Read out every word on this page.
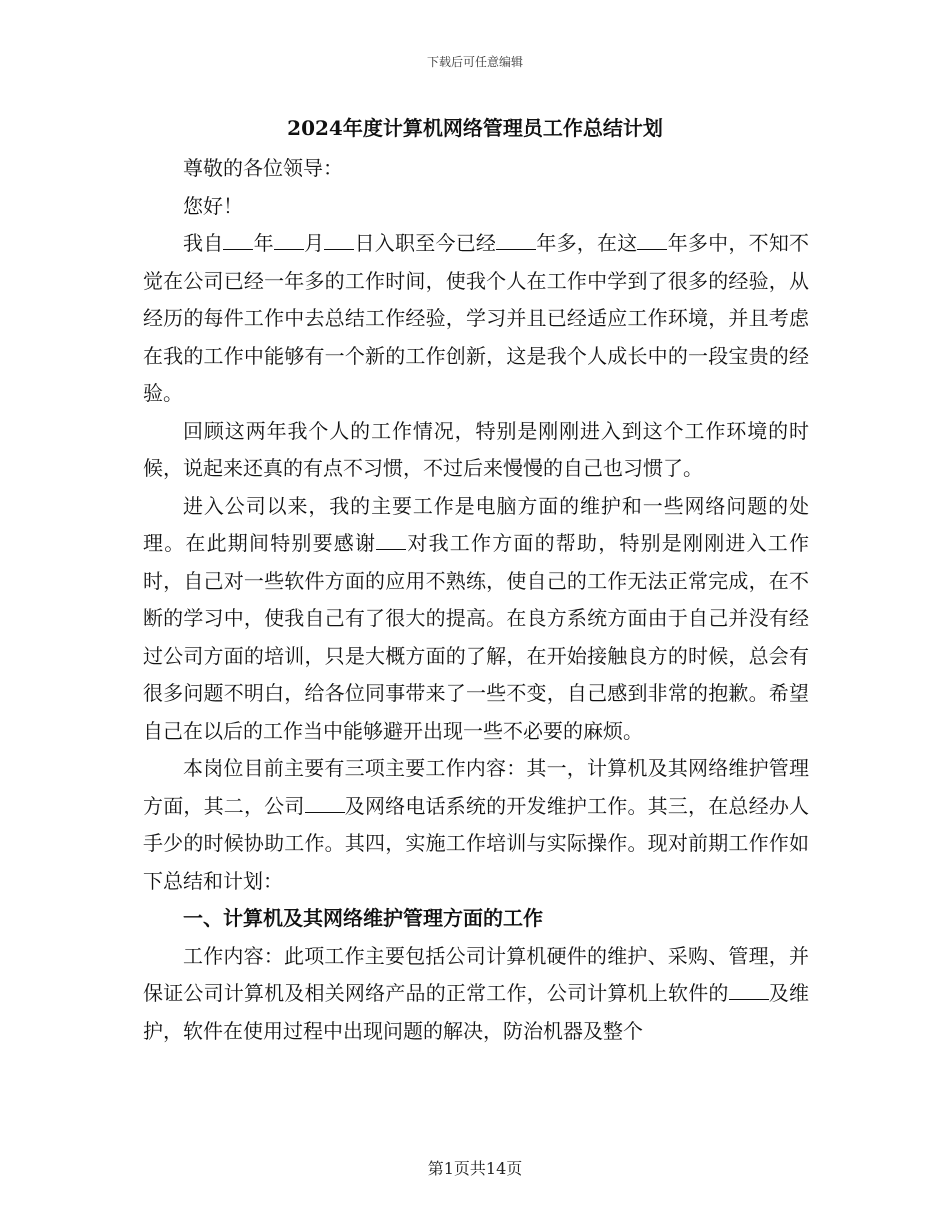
下载后可任意编辑
2024年度计算机网络管理员工作总结计划

尊敬的各位领导：

您好！

我自 年 月 日入职至今已经 年多，在这 年多中，不知不觉在公司已经一年多的工作时间，使我个人在工作中学到了很多的经验，从经历的每件工作中去总结工作经验，学习并且已经适应工作环境，并且考虑在我的工作中能够有一个新的工作创新，这是我个人成长中的一段宝贵的经验。

回顾这两年我个人的工作情况，特别是刚刚进入到这个工作环境的时候，说起来还真的有点不习惯，不过后来慢慢的自己也习惯了。

进入公司以来，我的主要工作是电脑方面的维护和一些网络问题的处理。在此期间特别要感谢 对我工作方面的帮助，特别是刚刚进入工作时，自己对一些软件方面的应用不熟练，使自己的工作无法正常完成，在不断的学习中，使我自己有了很大的提高。在良方系统方面由于自己并没有经过公司方面的培训，只是大概方面的了解，在开始接触良方的时候，总会有很多问题不明白，给各位同事带来了一些不变，自己感到非常的抱歉。希望自己在以后的工作当中能够避开出现一些不必要的麻烦。

本岗位目前主要有三项主要工作内容：其一，计算机及其网络维护管理方面，其二，公司 及网络电话系统的开发维护工作。其三，在总经办人手少的时候协助工作。其四，实施工作培训与实际操作。现对前期工作作如下总结和计划：

一、计算机及其网络维护管理方面的工作

工作内容：此项工作主要包括公司计算机硬件的维护、采购、管理，并保证公司计算机及相关网络产品的正常工作，公司计算机上软件的 及维护，软件在使用过程中出现问题的解决，防治机器及整个

第1页共14页
